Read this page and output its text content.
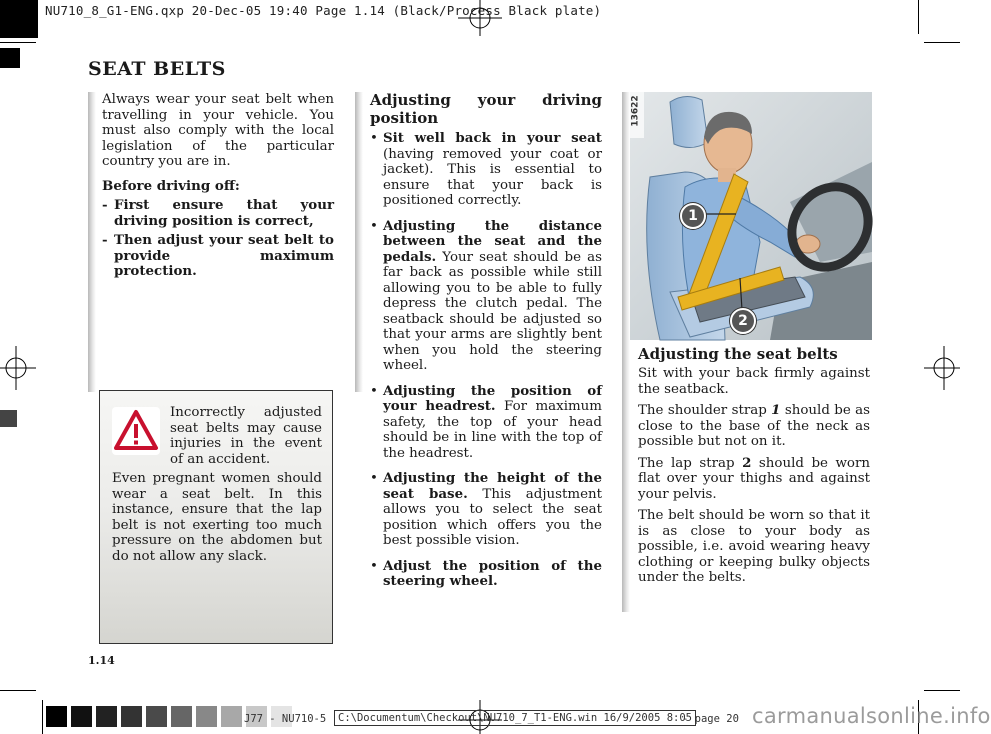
NU710_8_G1-ENG.qxp 20-Dec-05 19:40 Page 1.14 (Black/Process Black plate)
SEAT BELTS

Always wear your seat belt when travelling in your vehicle. You must also comply with the local legislation of the particular country you are in.

Before driving off:

- First ensure that your driving position is correct,
- Then adjust your seat belt to provide maximum protection.

Incorrectly adjusted seat belts may cause injuries in the event of an accident.

Even pregnant women should wear a seat belt. In this instance, ensure that the lap belt is not exerting too much pressure on the abdomen but do not allow any slack.

Adjusting your driving position

• Sit well back in your seat (having removed your coat or jacket). This is essential to ensure that your back is positioned correctly.
• Adjusting the distance between the seat and the pedals. Your seat should be as far back as possible while still allowing you to be able to fully depress the clutch pedal. The seatback should be adjusted so that your arms are slightly bent when you hold the steering wheel.
• Adjusting the position of your headrest. For maximum safety, the top of your head should be in line with the top of the headrest.
• Adjusting the height of the seat base. This adjustment allows you to select the seat position which offers you the best possible vision.
• Adjust the position of the steering wheel.
13622
1
2

Adjusting the seat belts

Sit with your back firmly against the seatback.

The shoulder strap 1 should be as close to the base of the neck as possible but not on it.

The lap strap 2 should be worn flat over your thighs and against your pelvis.

The belt should be worn so that it is as close to your body as possible, i.e. avoid wearing heavy clothing or keeping bulky objects under the belts.

1.14
J77 - NU710-5	C:\Documentum\Checkout\NU710_7_T1-ENG.win 16/9/2005 8:05
- page 20 carmanualsonline.info
